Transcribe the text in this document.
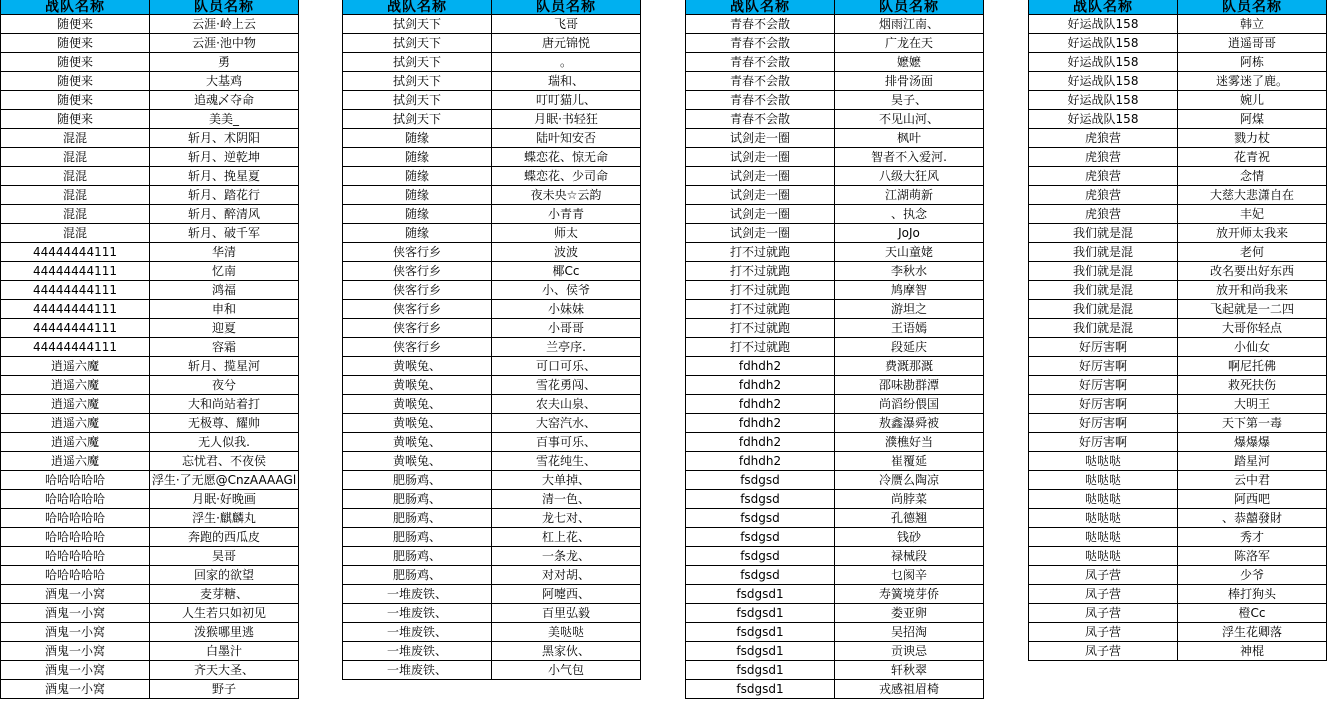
战队名称	队员名称
随便来	云涯·岭上云
随便来	云涯·池中物
随便来	勇
随便来	大基鸡
随便来	追魂乄夺命
随便来	美美_
混混	斩月、术阴阳
混混	斩月、逆乾坤
混混	斩月、挽星夏
混混	斩月、踏花行
混混	斩月、醉清风
混混	斩月、破千军
44444444111	华清
44444444111	忆南
44444444111	鸿福
44444444111	申和
44444444111	迎夏
44444444111	容霜
逍遥六魔	斩月、揽星河
逍遥六魔	夜兮
逍遥六魔	大和尚站着打
逍遥六魔	无极尊、耀帅
逍遥六魔	无人似我.
逍遥六魔	忘忧君、不夜侯
哈哈哈哈哈	浮生·了无愿@CnzAAAAGl
哈哈哈哈哈	月眠·好晚画
哈哈哈哈哈	浮生·麒麟丸
哈哈哈哈哈	奔跑的西瓜皮
哈哈哈哈哈	昊哥
哈哈哈哈哈	回家的欲望
酒鬼一小窝	麦芽糖、
酒鬼一小窝	人生若只如初见
酒鬼一小窝	泼猴哪里逃
酒鬼一小窝	白墨汁
酒鬼一小窝	齐天大圣、
酒鬼一小窝	野子
战队名称	队员名称
拭剑天下	飞哥
拭剑天下	唐元锦悦
拭剑天下	。
拭剑天下	瑞和、
拭剑天下	叮叮猫儿、
拭剑天下	月眠·书轻狂
随缘	陆叶知安否
随缘	蝶恋花、惊无命
随缘	蝶恋花、少司命
随缘	夜未央☆云韵
随缘	小青青
随缘	师太
侠客行乡	波波
侠客行乡	椰Cc
侠客行乡	小、侯爷
侠客行乡	小妹妹
侠客行乡	小哥哥
侠客行乡	兰亭序.
黄喉兔、	可口可乐、
黄喉兔、	雪花勇闯、
黄喉兔、	农夫山泉、
黄喉兔、	大窑汽水、
黄喉兔、	百事可乐、
黄喉兔、	雪花纯生、
肥肠鸡、	大单掉、
肥肠鸡、	清一色、
肥肠鸡、	龙七对、
肥肠鸡、	杠上花、
肥肠鸡、	一条龙、
肥肠鸡、	对对胡、
一堆废铁、	阿嚏西、
一堆废铁、	百里弘毅
一堆废铁、	美哒哒
一堆废铁、	黑家伙、
一堆废铁、	小气包
战队名称	队员名称
青春不会散	烟雨江南、
青春不会散	广龙在天
青春不会散	嬷嬷
青春不会散	排骨汤面
青春不会散	昊子、
青春不会散	不见山河、
试剑走一圈	枫叶
试剑走一圈	智者不入爱河.
试剑走一圈	八级大狂风
试剑走一圈	江湖萌新
试剑走一圈	、执念
试剑走一圈	JoJo
打不过就跑	天山童姥
打不过就跑	李秋水
打不过就跑	鸠摩智
打不过就跑	游坦之
打不过就跑	王语嫣
打不过就跑	段延庆
fdhdh2	费溉那溉
fdhdh2	邵味勘群潭
fdhdh2	尚滔纷偎国
fdhdh2	敖鑫瀑舜被
fdhdh2	濮樵好当
fdhdh2	崔覆延
fsdgsd	冷赝么陶凉
fsdgsd	尚脖菜
fsdgsd	孔德翘
fsdgsd	钱砂
fsdgsd	禄械段
fsdgsd	乜阂辛
fsdgsd1	寿簧境芽侨
fsdgsd1	娄亚卵
fsdgsd1	吴招淘
fsdgsd1	贡谀忌
fsdgsd1	轩秋翠
fsdgsd1	戎感祖眉椅
战队名称	队员名称
好运战队158	韩立
好运战队158	逍遥哥哥
好运战队158	阿栋
好运战队158	迷雾迷了鹿。
好运战队158	婉儿
好运战队158	阿煤
虎狼营	戮力杖
虎狼营	花青祝
虎狼营	念情
虎狼营	大慈大悲潇自在
虎狼营	丰妃
我们就是混	放开师太我来
我们就是混	老何
我们就是混	改名要出好东西
我们就是混	放开和尚我来
我们就是混	飞起就是一二四
我们就是混	大哥你轻点
好厉害啊	小仙女
好厉害啊	啊尼托佛
好厉害啊	救死扶伤
好厉害啊	大明王
好厉害啊	天下第一毒
好厉害啊	爆爆爆
哒哒哒	踏星河
哒哒哒	云中君
哒哒哒	阿西吧
哒哒哒	、恭囍發財
哒哒哒	秀才
哒哒哒	陈洛军
凤子营	少爷
凤子营	棒打狗头
凤子营	橙Cc
凤子营	浮生花卿落
凤子营	神棍
